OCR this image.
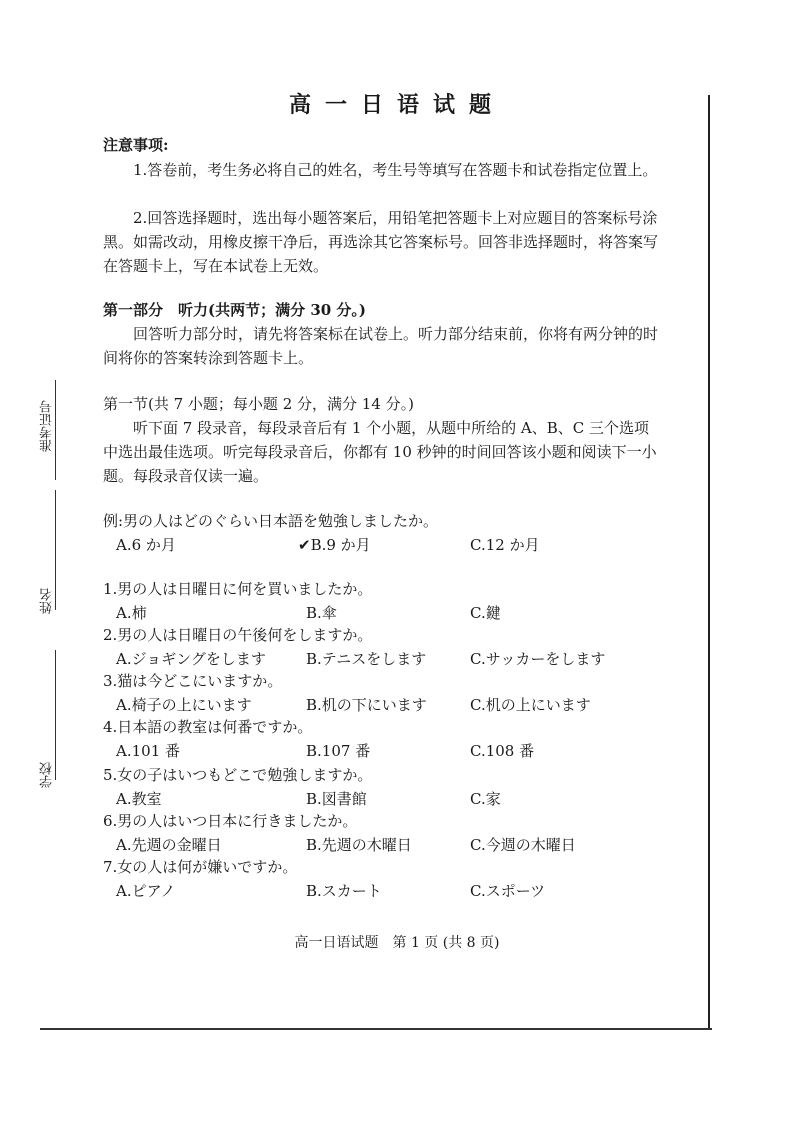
准考证号
姓名
学校
高一日语试题
注意事项:
1.答卷前，考生务必将自己的姓名，考生号等填写在答题卡和试卷指定位置上。
2.回答选择题时，选出每小题答案后，用铅笔把答题卡上对应题目的答案标号涂黑。如需改动，用橡皮擦干净后，再选涂其它答案标号。回答非选择题时，将答案写在答题卡上，写在本试卷上无效。
第一部分　听力(共两节；满分 30 分。)
回答听力部分时，请先将答案标在试卷上。听力部分结束前，你将有两分钟的时间将你的答案转涂到答题卡上。
第一节(共 7 小题；每小题 2 分，满分 14 分。)
听下面 7 段录音，每段录音后有 1 个小题，从题中所给的 A、B、C 三个选项中选出最佳选项。听完每段录音后，你都有 10 秒钟的时间回答该小题和阅读下一小题。每段录音仅读一遍。
例:男の人はどのぐらい日本語を勉強しましたか。
A.6 か月	✔B.9 か月	C.12 か月
1.男の人は日曜日に何を買いましたか。
A.柿	B.傘	C.鍵
2.男の人は日曜日の午後何をしますか。
A.ジョギングをします	B.テニスをします	C.サッカーをします
3.猫は今どこにいますか。
A.椅子の上にいます	B.机の下にいます	C.机の上にいます
4.日本語の教室は何番ですか。
A.101 番	B.107 番	C.108 番
5.女の子はいつもどこで勉強しますか。
A.教室	B.図書館	C.家
6.男の人はいつ日本に行きましたか。
A.先週の金曜日	B.先週の木曜日	C.今週の木曜日
7.女の人は何が嫌いですか。
A.ピアノ	B.スカート	C.スポーツ
高一日语试题　第 1 页 (共 8 页)
